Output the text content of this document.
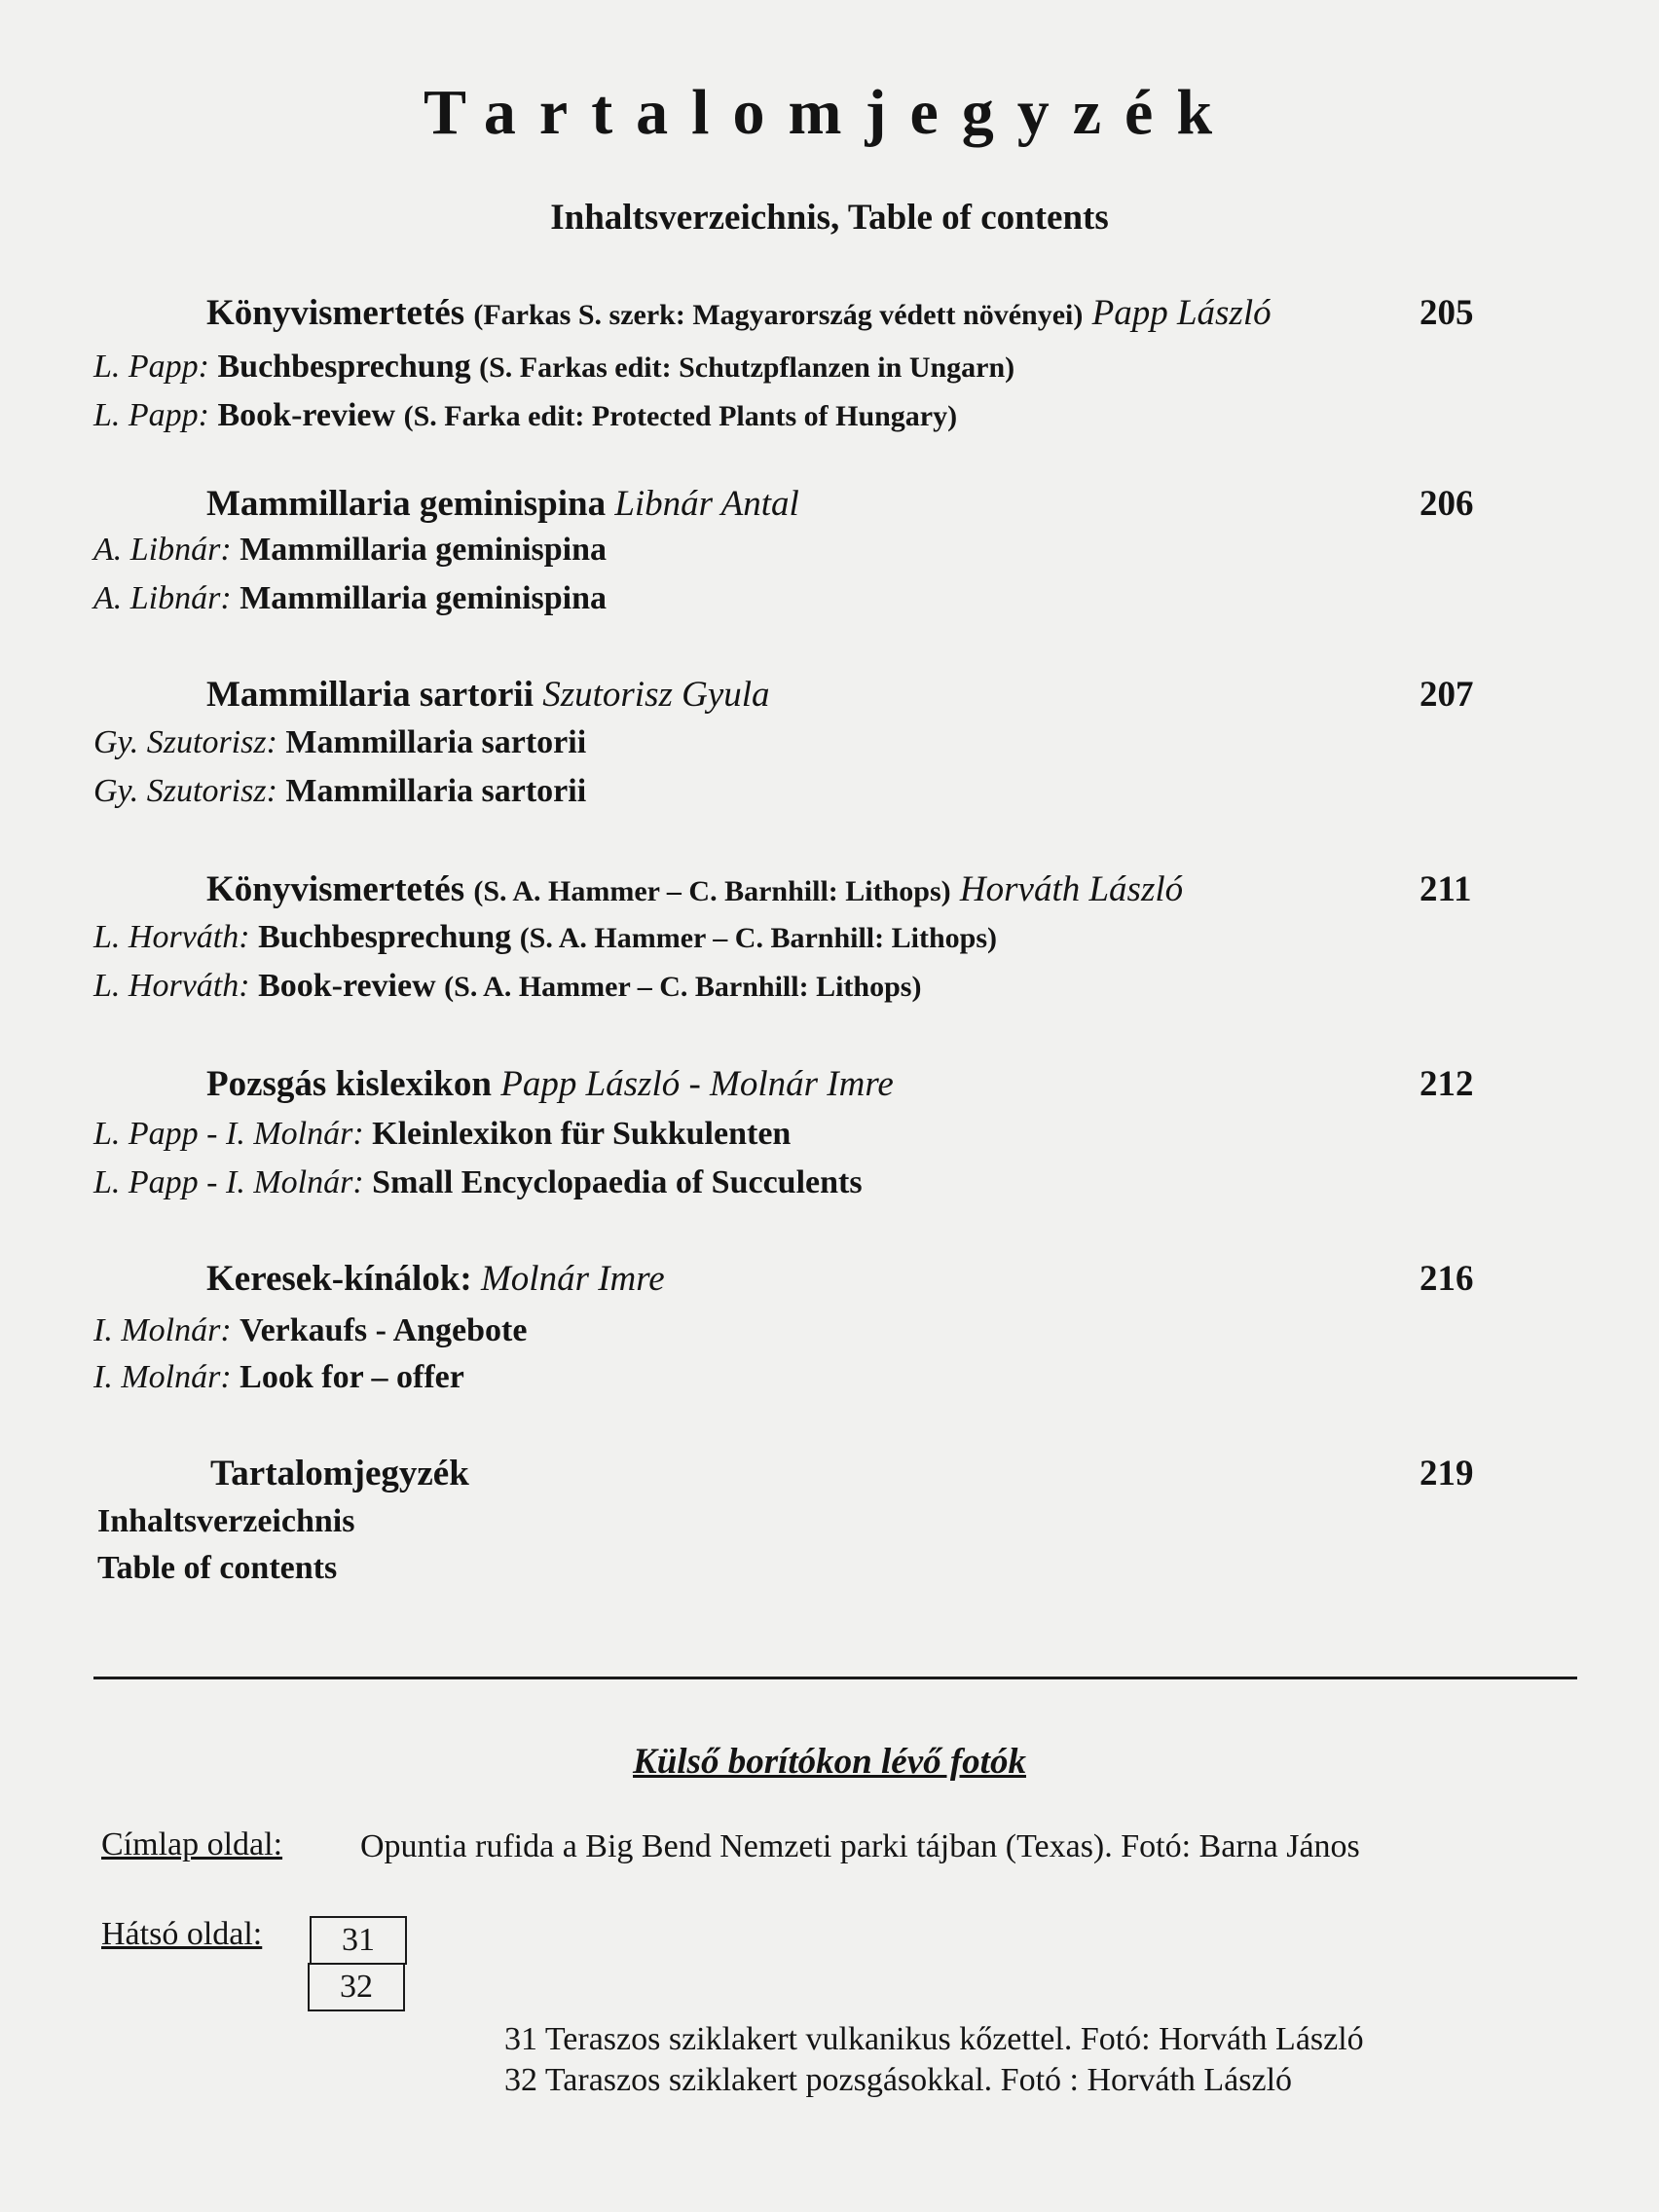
Tartalomjegyzék
Inhaltsverzeichnis, Table of contents
Könyvismertetés (Farkas S. szerk: Magyarország védett növényei) Papp László	205
L. Papp: Buchbesprechung (S. Farkas edit: Schutzpflanzen in Ungarn)
L. Papp: Book-review (S. Farka edit: Protected Plants of Hungary)
Mammillaria geminispina Libnár Antal	206
A. Libnár: Mammillaria geminispina
A. Libnár: Mammillaria geminispina
Mammillaria sartorii Szutorisz Gyula	207
Gy. Szutorisz: Mammillaria sartorii
Gy. Szutorisz: Mammillaria sartorii
Könyvismertetés (S. A. Hammer – C. Barnhill: Lithops) Horváth László	211
L. Horváth: Buchbesprechung (S. A. Hammer – C. Barnhill: Lithops)
L. Horváth: Book-review (S. A. Hammer – C. Barnhill: Lithops)
Pozsgás kislexikon Papp László - Molnár Imre	212
L. Papp - I. Molnár: Kleinlexikon für Sukkulenten
L. Papp - I. Molnár: Small Encyclopaedia of Succulents
Keresek-kínálok: Molnár Imre	216
I. Molnár: Verkaufs - Angebote
I. Molnár: Look for – offer
Tartalomjegyzék	219
Inhaltsverzeichnis
Table of contents
Külső borítókon lévő fotók
Címlap oldal: Opuntia rufida a Big Bend Nemzeti parki tájban (Texas). Fotó: Barna János
Hátsó oldal:	31
32
31 Teraszos sziklakert vulkanikus kőzettel. Fotó: Horváth László
32 Taraszos sziklakert pozsgásokkal. Fotó : Horváth László
